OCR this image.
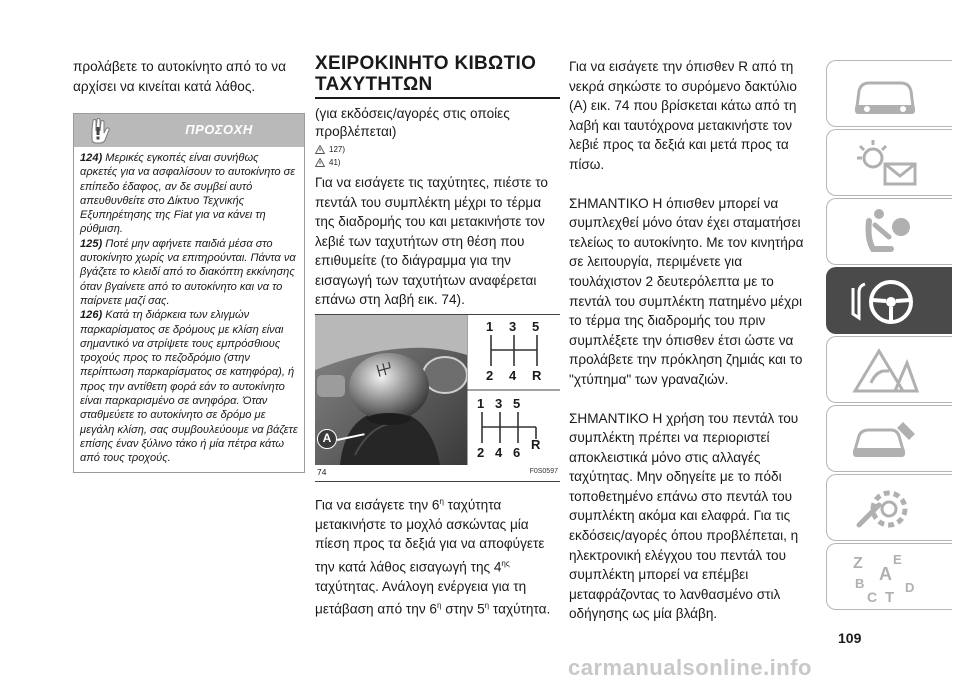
προλάβετε το αυτοκίνητο από το να αρχίσει να κινείται κατά λάθος.

ΠΡΟΣΟΧΗ

124) Μερικές εγκοπές είναι συνήθως αρκετές για να ασφαλίσουν το αυτοκίνητο σε επίπεδο έδαφος, αν δε συμβεί αυτό απευθυνθείτε στο Δίκτυο Τεχνικής Εξυπηρέτησης της Fiat για να κάνει τη ρύθμιση.

125) Ποτέ μην αφήνετε παιδιά μέσα στο αυτοκίνητο χωρίς να επιτηρούνται. Πάντα να βγάζετε το κλειδί από το διακόπτη εκκίνησης όταν βγαίνετε από το αυτοκίνητο και να το παίρνετε μαζί σας.

126) Κατά τη διάρκεια των ελιγμών παρκαρίσματος σε δρόμους με κλίση είναι σημαντικό να στρίψετε τους εμπρόσθιους τροχούς προς το πεζοδρόμιο (στην περίπτωση παρκαρίσματος σε κατηφόρα), ή προς την αντίθετη φορά εάν το αυτοκίνητο είναι παρκαρισμένο σε ανηφόρα. Όταν σταθμεύετε το αυτοκίνητο σε δρόμο με μεγάλη κλίση, σας συμβουλεύουμε να βάζετε επίσης έναν ξύλινο τάκο ή μία πέτρα κάτω από τους τροχούς.

ΧΕΙΡΟΚΙΝΗΤΟ ΚΙΒΩΤΙΟ ΤΑΧΥΤΗΤΩΝ

(για εκδόσεις/αγορές στις οποίες προβλέπεται)

127)
41)

Για να εισάγετε τις ταχύτητες, πιέστε το πεντάλ του συμπλέκτη μέχρι το τέρμα της διαδρομής του και μετακινήστε τον λεβιέ των ταχυτήτων στη θέση που επιθυμείτε (το διάγραμμα για την εισαγωγή των ταχυτήτων αναφέρεται επάνω στη λαβή εικ. 74).

A
1 3 5
2 4 R
1 3 5
2 4 6
R
74	F0S0597

Για να εισάγετε την $6^\eta$ ταχύτητα μετακινήστε το μοχλό ασκώντας μία πίεση προς τα δεξιά για να αποφύγετε την κατά λάθος εισαγωγή της $4^{\eta\varsigma}$ ταχύτητας. Ανάλογη ενέργεια για τη μετάβαση από την $6^\eta$ στην $5^\eta$ ταχύτητα.

Για να εισάγετε την όπισθεν R από τη νεκρά σηκώστε το συρόμενο δακτύλιο (A) εικ. 74 που βρίσκεται κάτω από τη λαβή και ταυτόχρονα μετακινήστε τον λεβιέ προς τα δεξιά και μετά προς τα πίσω.

ΣΗΜΑΝΤΙΚΟ Η όπισθεν μπορεί να συμπλεχθεί μόνο όταν έχει σταματήσει τελείως το αυτοκίνητο. Με τον κινητήρα σε λειτουργία, περιμένετε για τουλάχιστον 2 δευτερόλεπτα με το πεντάλ του συμπλέκτη πατημένο μέχρι το τέρμα της διαδρομής του πριν συμπλέξετε την όπισθεν έτσι ώστε να προλάβετε την πρόκληση ζημιάς και το "χτύπημα" των γραναζιών.

ΣΗΜΑΝΤΙΚΟ Η χρήση του πεντάλ του συμπλέκτη πρέπει να περιοριστεί αποκλειστικά μόνο στις αλλαγές ταχύτητας. Μην οδηγείτε με το πόδι τοποθετημένο επάνω στο πεντάλ του συμπλέκτη ακόμα και ελαφρά. Για τις εκδόσεις/αγορές όπου προβλέπεται, η ηλεκτρονική ελέγχου του πεντάλ του συμπλέκτη μπορεί να επέμβει μεταφράζοντας το λανθασμένο στιλ οδήγησης ως μία βλάβη.

Z E
A
B
C
D
T
109
carmanualsonline.info
